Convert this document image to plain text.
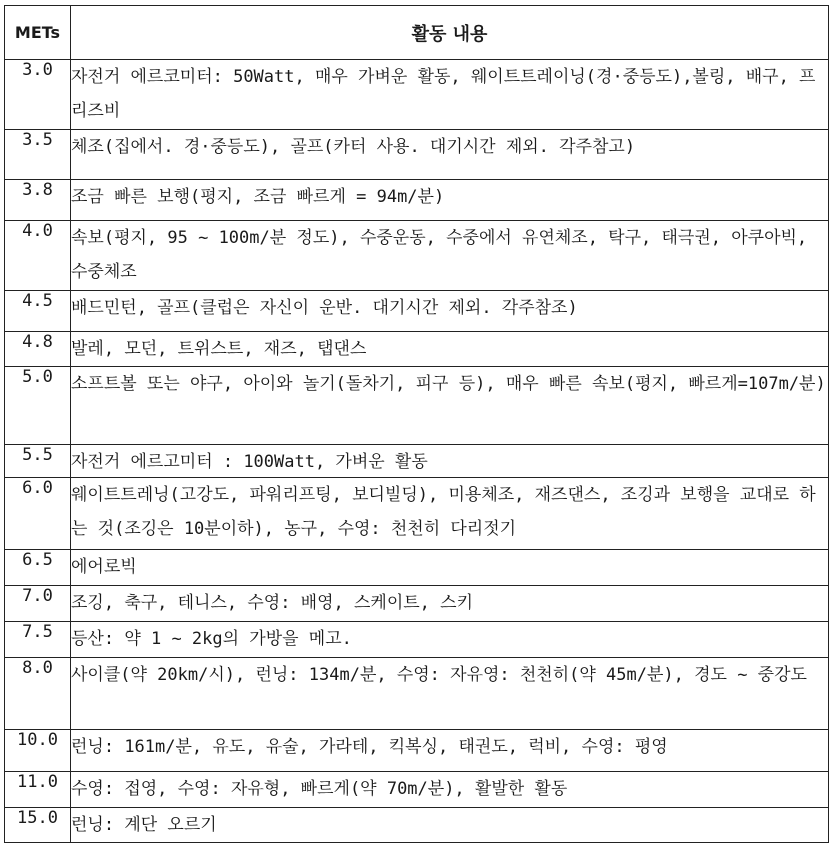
METs	활동 내용
3.0	자전거 에르코미터: 50Watt, 매우 가벼운 활동, 웨이트트레이닝(경·중등도),볼링, 배구, 프리즈비
3.5	체조(집에서. 경·중등도), 골프(카터 사용. 대기시간 제외. 각주참고)
3.8	조금 빠른 보행(평지, 조금 빠르게 = 94m/분)
4.0	속보(평지, 95 ~ 100m/분 정도), 수중운동, 수중에서 유연체조, 탁구, 태극권, 아쿠아빅, 수중체조
4.5	배드민턴, 골프(클럽은 자신이 운반. 대기시간 제외. 각주참조)
4.8	발레, 모던, 트위스트, 재즈, 탭댄스
5.0	소프트볼 또는 야구, 아이와 놀기(돌차기, 피구 등), 매우 빠른 속보(평지, 빠르게=107m/분)
5.5	자전거 에르고미터 : 100Watt, 가벼운 활동
6.0	웨이트트레닝(고강도, 파워리프팅, 보디빌딩), 미용체조, 재즈댄스, 조깅과 보행을 교대로 하는 것(조깅은 10분이하), 농구, 수영: 천천히 다리젓기
6.5	에어로빅
7.0	조깅, 축구, 테니스, 수영: 배영, 스케이트, 스키
7.5	등산: 약 1 ~ 2kg의 가방을 메고.
8.0	사이클(약 20km/시), 런닝: 134m/분, 수영: 자유영: 천천히(약 45m/분), 경도 ~ 중강도
10.0	런닝: 161m/분, 유도, 유술, 가라테, 킥복싱, 태권도, 럭비, 수영: 평영
11.0	수영: 접영, 수영: 자유형, 빠르게(약 70m/분), 활발한 활동
15.0	런닝: 계단 오르기
